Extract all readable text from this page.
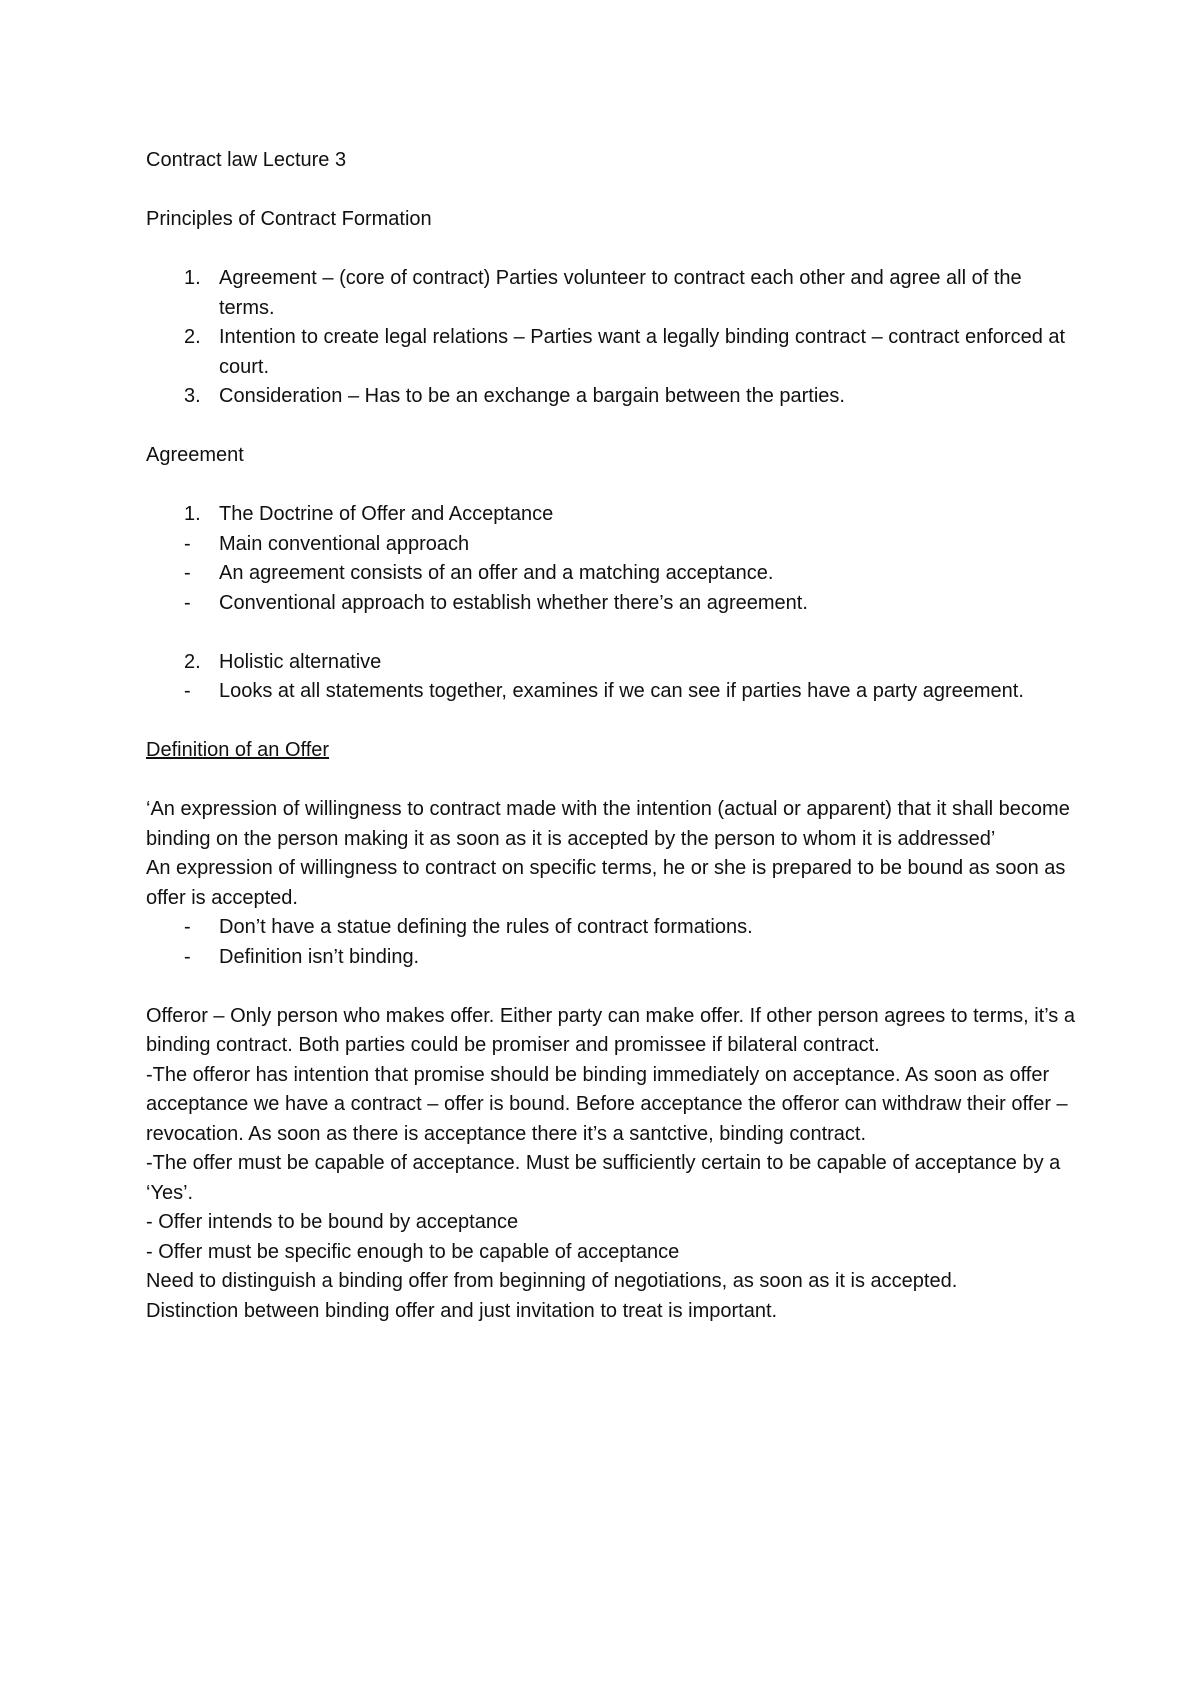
Contract law Lecture 3

Principles of Contract Formation

1. Agreement – (core of contract) Parties volunteer to contract each other and agree all of the terms.
2. Intention to create legal relations – Parties want a legally binding contract – contract enforced at court.
3. Consideration – Has to be an exchange a bargain between the parties.

Agreement

1. The Doctrine of Offer and Acceptance
- Main conventional approach
- An agreement consists of an offer and a matching acceptance.
- Conventional approach to establish whether there’s an agreement.
2. Holistic alternative
- Looks at all statements together, examines if we can see if parties have a party agreement.

Definition of an Offer

‘An expression of willingness to contract made with the intention (actual or apparent) that it shall become binding on the person making it as soon as it is accepted by the person to whom it is addressed’

An expression of willingness to contract on specific terms, he or she is prepared to be bound as soon as offer is accepted.

- Don’t have a statue defining the rules of contract formations.
- Definition isn’t binding.

Offeror – Only person who makes offer. Either party can make offer. If other person agrees to terms, it’s a binding contract. Both parties could be promiser and promissee if bilateral contract.

-The offeror has intention that promise should be binding immediately on acceptance. As soon as offer acceptance we have a contract – offer is bound. Before acceptance the offeror can withdraw their offer – revocation. As soon as there is acceptance there it’s a santctive, binding contract.

-The offer must be capable of acceptance. Must be sufficiently certain to be capable of acceptance by a ‘Yes’.

- Offer intends to be bound by acceptance

- Offer must be specific enough to be capable of acceptance

Need to distinguish a binding offer from beginning of negotiations, as soon as it is accepted.

Distinction between binding offer and just invitation to treat is important.
